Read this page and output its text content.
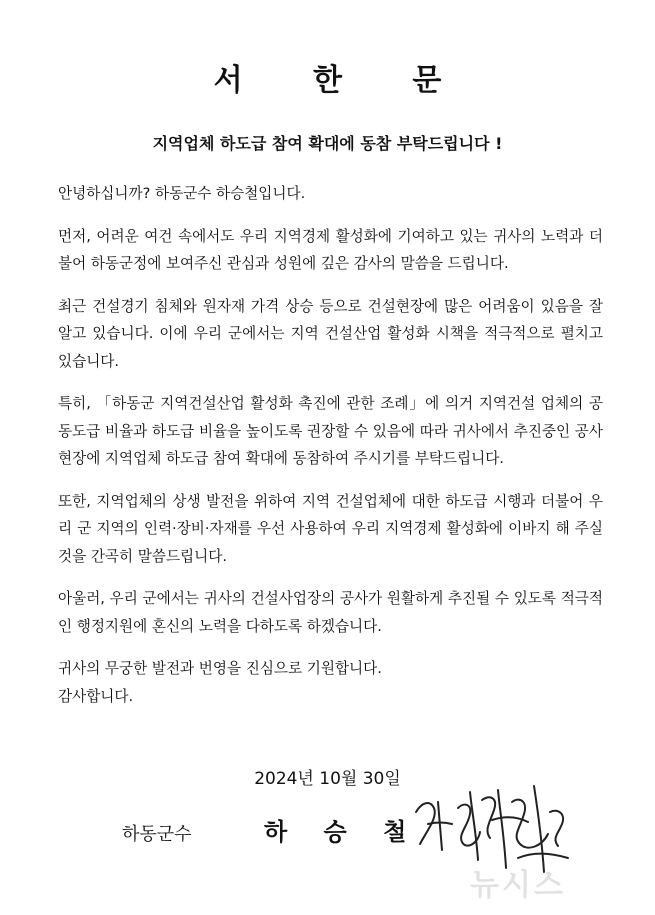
서 한 문
지역업체 하도급 참여 확대에 동참 부탁드립니다 !

안녕하십니까? 하동군수 하승철입니다.

먼저, 어려운 여건 속에서도 우리 지역경제 활성화에 기여하고 있는 귀사의 노력과 더불어 하동군정에 보여주신 관심과 성원에 깊은 감사의 말씀을 드립니다.

최근 건설경기 침체와 원자재 가격 상승 등으로 건설현장에 많은 어려움이 있음을 잘 알고 있습니다. 이에 우리 군에서는 지역 건설산업 활성화 시책을 적극적으로 펼치고 있습니다.

특히, 「하동군 지역건설산업 활성화 촉진에 관한 조례」에 의거 지역건설 업체의 공동도급 비율과 하도급 비율을 높이도록 권장할 수 있음에 따라 귀사에서 추진중인 공사 현장에 지역업체 하도급 참여 확대에 동참하여 주시기를 부탁드립니다.

또한, 지역업체의 상생 발전을 위하여 지역 건설업체에 대한 하도급 시행과 더불어 우리 군 지역의 인력·장비·자재를 우선 사용하여 우리 지역경제 활성화에 이바지 해 주실 것을 간곡히 말씀드립니다.

아울러, 우리 군에서는 귀사의 건설사업장의 공사가 원활하게 추진될 수 있도록 적극적인 행정지원에 혼신의 노력을 다하도록 하겠습니다.

귀사의 무궁한 발전과 번영을 진심으로 기원합니다.

감사합니다.

2024년 10월 30일
하동군수	하 승 철
뉴시스
